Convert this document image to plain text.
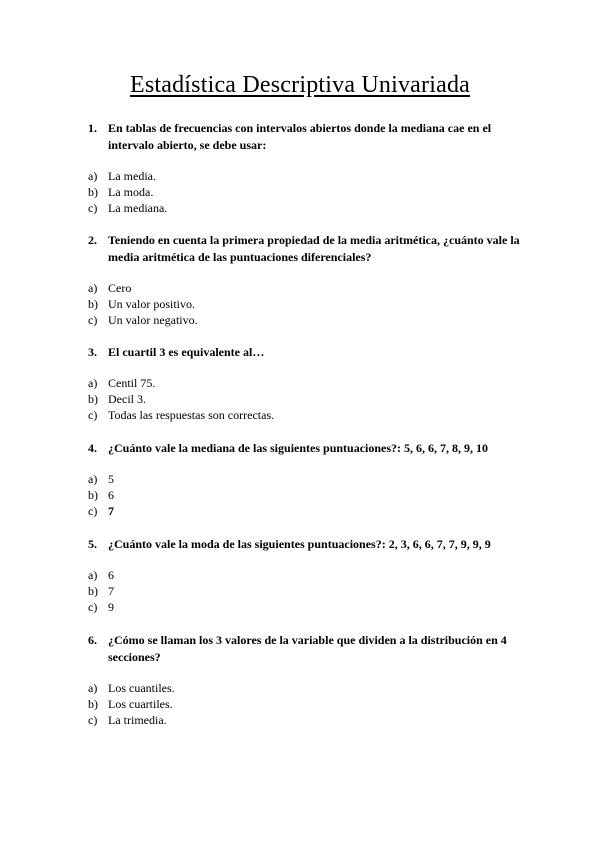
Estadística Descriptiva Univariada
1. En tablas de frecuencias con intervalos abiertos donde la mediana cae en el intervalo abierto, se debe usar:
a) La media.
b) La moda.
c) La mediana.
2. Teniendo en cuenta la primera propiedad de la media aritmética, ¿cuánto vale la media aritmética de las puntuaciones diferenciales?
a) Cero
b) Un valor positivo.
c) Un valor negativo.
3. El cuartil 3 es equivalente al…
a) Centil 75.
b) Decil 3.
c) Todas las respuestas son correctas.
4. ¿Cuánto vale la mediana de las siguientes puntuaciones?: 5, 6, 6, 7, 8, 9, 10
a) 5
b) 6
c) 7
5. ¿Cuánto vale la moda de las siguientes puntuaciones?: 2, 3, 6, 6, 7, 7, 9, 9, 9
a) 6
b) 7
c) 9
6. ¿Cómo se llaman los 3 valores de la variable que dividen a la distribución en 4 secciones?
a) Los cuantiles.
b) Los cuartiles.
c) La trimedia.
